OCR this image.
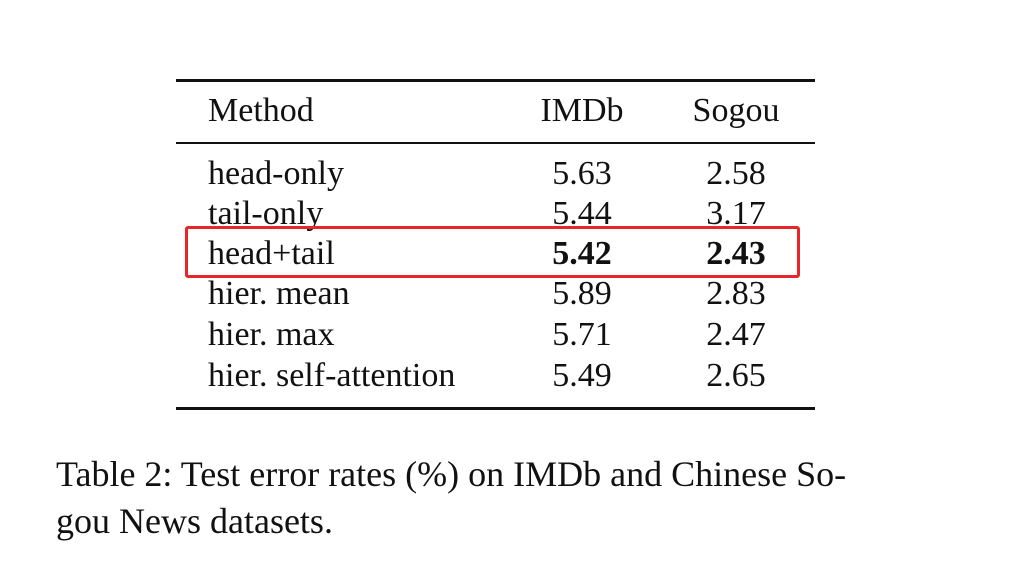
Method	IMDb	Sogou
head-only	5.63	2.58
tail-only	5.44	3.17
head+tail	5.42	2.43
hier. mean	5.89	2.83
hier. max	5.71	2.47
hier. self-attention	5.49	2.65

Table 2: Test error rates (%) on IMDb and Chinese So-
gou News datasets.
